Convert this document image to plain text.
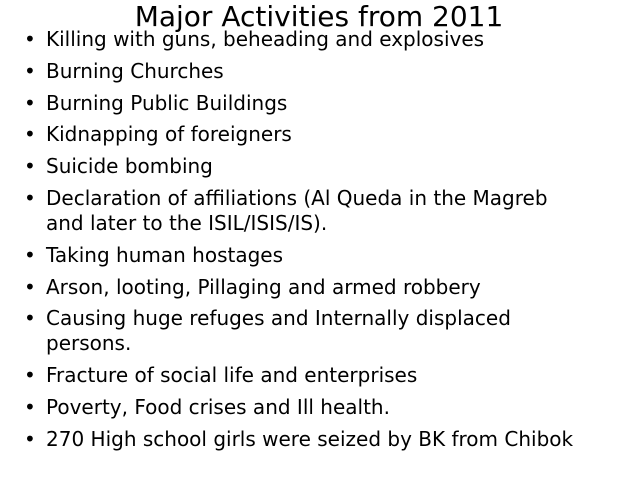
Major Activities from 2011
• Killing with guns, beheading and explosives
• Burning Churches
• Burning Public Buildings
• Kidnapping of foreigners
• Suicide bombing
• Declaration of affiliations (Al Queda in the Magreb
and later to the ISIL/ISIS/IS).
• Taking human hostages
• Arson, looting, Pillaging and armed robbery
• Causing huge refuges and Internally displaced
persons.
• Fracture of social life and enterprises
• Poverty, Food crises and Ill health.
• 270 High school girls were seized by BK from Chibok
